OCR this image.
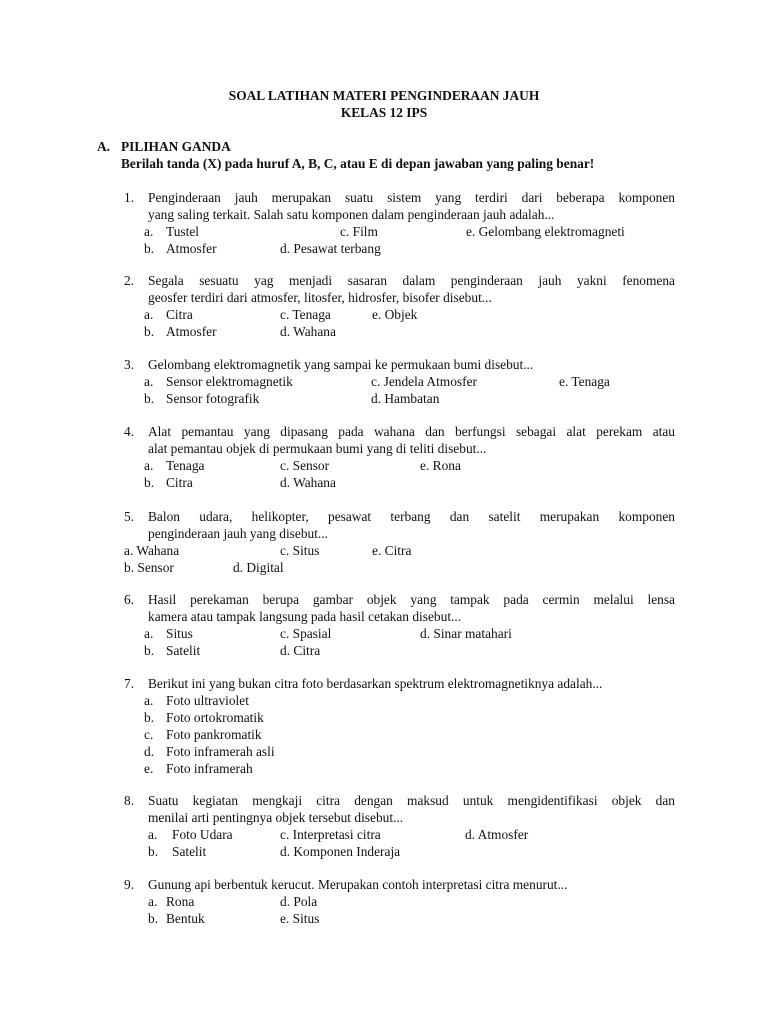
SOAL LATIHAN MATERI PENGINDERAAN JAUH
KELAS 12 IPS
A. PILIHAN GANDA
Berilah tanda (X) pada huruf A, B, C, atau E di depan jawaban yang paling benar!
1.	Penginderaan jauh merupakan suatu sistem yang terdiri dari beberapa komponen
yang saling terkait. Salah satu komponen dalam penginderaan jauh adalah...
a. Tustel	c. Film	e. Gelombang elektromagneti
b. Atmosfer	d. Pesawat terbang
2.	Segala sesuatu yag menjadi sasaran dalam penginderaan jauh yakni fenomena
geosfer terdiri dari atmosfer, litosfer, hidrosfer, bisofer disebut...
a. Citra	c. Tenaga	e. Objek
b. Atmosfer	d. Wahana
3.	Gelombang elektromagnetik yang sampai ke permukaan bumi disebut...
a. Sensor elektromagnetik	c. Jendela Atmosfer	e. Tenaga
b. Sensor fotografik	d. Hambatan
4.	Alat pemantau yang dipasang pada wahana dan berfungsi sebagai alat perekam atau
alat pemantau objek di permukaan bumi yang di teliti disebut...
a. Tenaga	c. Sensor	e. Rona
b. Citra	d. Wahana
5.	Balon udara, helikopter, pesawat terbang dan satelit merupakan komponen
penginderaan jauh yang disebut...
a. Wahana	c. Situs	e. Citra
b. Sensor	d. Digital
6.	Hasil perekaman berupa gambar objek yang tampak pada cermin melalui lensa
kamera atau tampak langsung pada hasil cetakan disebut...
a. Situs	c. Spasial	d. Sinar matahari
b. Satelit	d. Citra
7.	Berikut ini yang bukan citra foto berdasarkan spektrum elektromagnetiknya adalah...
a. Foto ultraviolet
b. Foto ortokromatik
c. Foto pankromatik
d. Foto inframerah asli
e. Foto inframerah
8.	Suatu kegiatan mengkaji citra dengan maksud untuk mengidentifikasi objek dan
menilai arti pentingnya objek tersebut disebut...
a. Foto Udara	c. Interpretasi citra	d. Atmosfer
b. Satelit	d. Komponen Inderaja
9.	Gunung api berbentuk kerucut. Merupakan contoh interpretasi citra menurut...
a. Rona	d. Pola
b. Bentuk	e. Situs
